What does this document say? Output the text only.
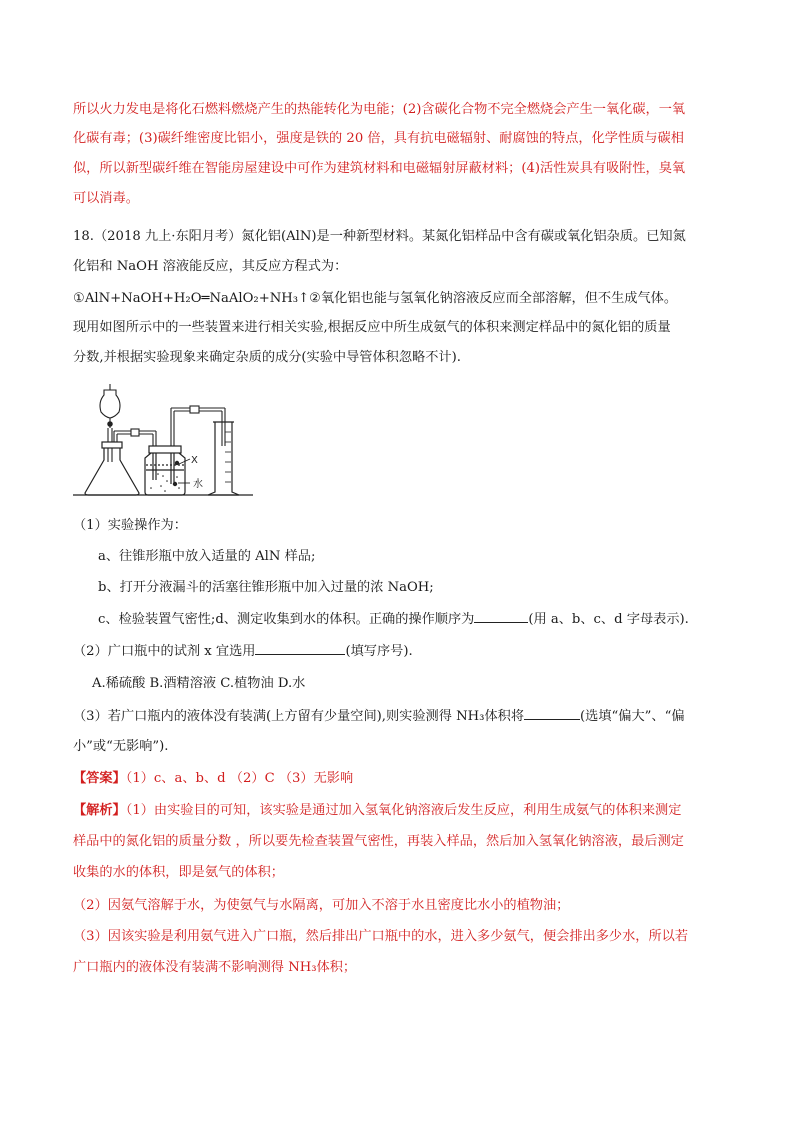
所以火力发电是将化石燃料燃烧产生的热能转化为电能；(2)含碳化合物不完全燃烧会产生一氧化碳，一氧
化碳有毒；(3)碳纤维密度比铝小，强度是铁的 20 倍，具有抗电磁辐射、耐腐蚀的特点，化学性质与碳相
似，所以新型碳纤维在智能房屋建设中可作为建筑材料和电磁辐射屏蔽材料；(4)活性炭具有吸附性，臭氧
可以消毒。
18.（2018 九上·东阳月考）氮化铝(AlN)是一种新型材料。某氮化铝样品中含有碳或氧化铝杂质。已知氮
化铝和 NaOH 溶液能反应，其反应方程式为：
①AlN+NaOH+H₂O═NaAlO₂+NH₃↑②氧化铝也能与氢氧化钠溶液反应而全部溶解，但不生成气体。
现用如图所示中的一些装置来进行相关实验,根据反应中所生成氨气的体积来测定样品中的氮化铝的质量
分数,并根据实验现象来确定杂质的成分(实验中导管体积忽略不计).
X
水
（1）实验操作为：
a、往锥形瓶中放入适量的 AlN 样品;
b、打开分液漏斗的活塞往锥形瓶中加入过量的浓 NaOH;
c、检验装置气密性;d、测定收集到水的体积。正确的操作顺序为	(用 a、b、c、d 字母表示).
（2）广口瓶中的试剂 x 宜选用	(填写序号).
A.稀硫酸 B.酒精溶液 C.植物油 D.水
（3）若广口瓶内的液体没有装满(上方留有少量空间),则实验测得 NH₃体积将	(选填“偏大”、“偏
小”或“无影响”).
【答案】（1）c、a、b、d （2）C （3）无影响
【解析】（1）由实验目的可知，该实验是通过加入氢氧化钠溶液后发生反应，利用生成氨气的体积来测定
样品中的氮化铝的质量分数 ，所以要先检查装置气密性，再装入样品，然后加入氢氧化钠溶液，最后测定
收集的水的体积，即是氨气的体积；
（2）因氨气溶解于水，为使氨气与水隔离，可加入不溶于水且密度比水小的植物油；
（3）因该实验是利用氨气进入广口瓶，然后排出广口瓶中的水，进入多少氨气，便会排出多少水，所以若
广口瓶内的液体没有装满不影响测得 NH₃体积；
